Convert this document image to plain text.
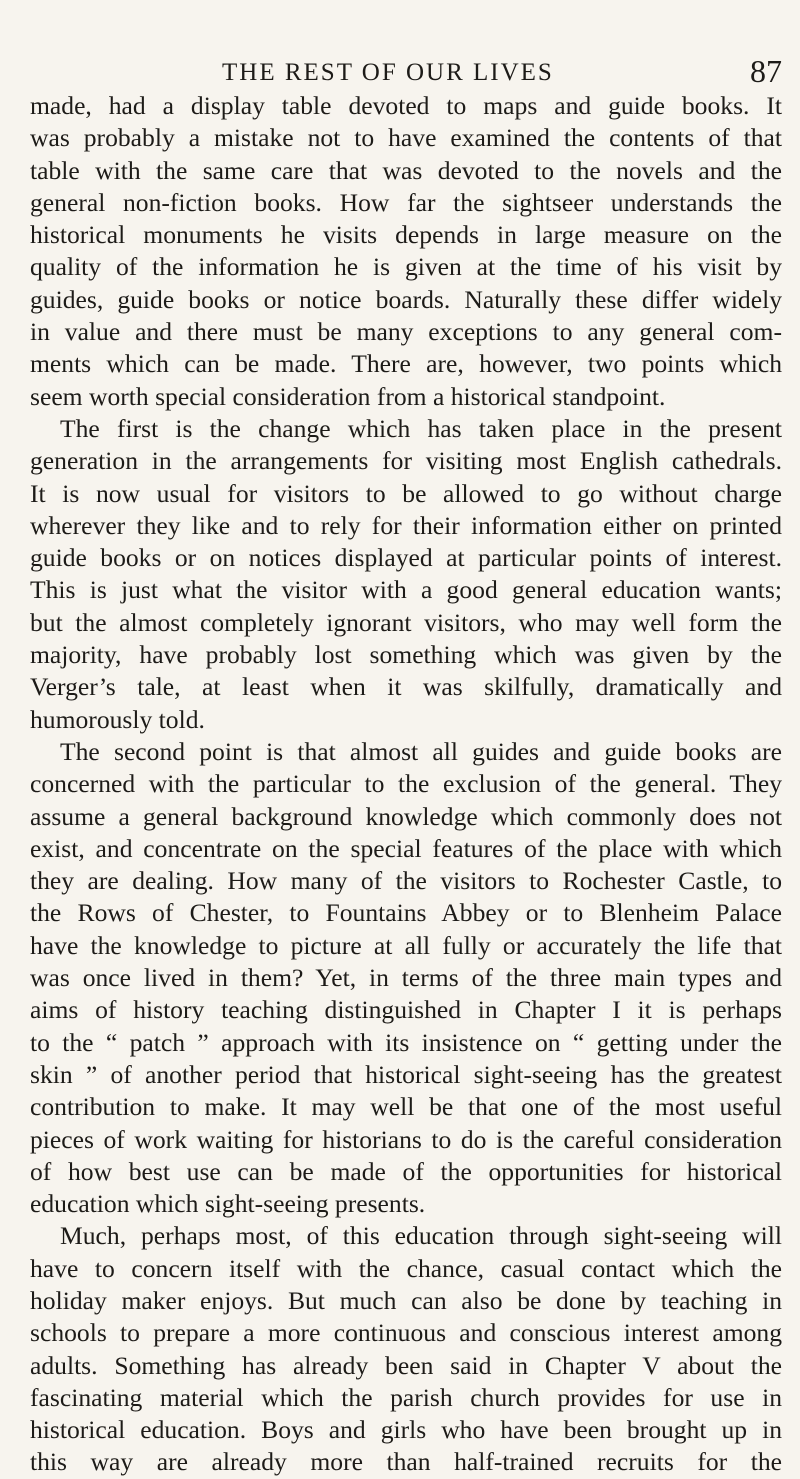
THE REST OF OUR LIVES	87
made, had a display table devoted to maps and guide books. It
was probably a mistake not to have examined the contents of that
table with the same care that was devoted to the novels and the
general non-fiction books. How far the sightseer understands the
historical monuments he visits depends in large measure on the
quality of the information he is given at the time of his visit by
guides, guide books or notice boards. Naturally these differ widely
in value and there must be many exceptions to any general com-
ments which can be made. There are, however, two points which
seem worth special consideration from a historical standpoint.
The first is the change which has taken place in the present
generation in the arrangements for visiting most English cathedrals.
It is now usual for visitors to be allowed to go without charge
wherever they like and to rely for their information either on printed
guide books or on notices displayed at particular points of interest.
This is just what the visitor with a good general education wants;
but the almost completely ignorant visitors, who may well form the
majority, have probably lost something which was given by the
Verger’s tale, at least when it was skilfully, dramatically and
humorously told.
The second point is that almost all guides and guide books are
concerned with the particular to the exclusion of the general. They
assume a general background knowledge which commonly does not
exist, and concentrate on the special features of the place with which
they are dealing. How many of the visitors to Rochester Castle, to
the Rows of Chester, to Fountains Abbey or to Blenheim Palace
have the knowledge to picture at all fully or accurately the life that
was once lived in them? Yet, in terms of the three main types and
aims of history teaching distinguished in Chapter I it is perhaps
to the “ patch ” approach with its insistence on “ getting under the
skin ” of another period that historical sight-seeing has the greatest
contribution to make. It may well be that one of the most useful
pieces of work waiting for historians to do is the careful consideration
of how best use can be made of the opportunities for historical
education which sight-seeing presents.
Much, perhaps most, of this education through sight-seeing will
have to concern itself with the chance, casual contact which the
holiday maker enjoys. But much can also be done by teaching in
schools to prepare a more continuous and conscious interest among
adults. Something has already been said in Chapter V about the
fascinating material which the parish church provides for use in
historical education. Boys and girls who have been brought up in
this way are already more than half-trained recruits for the
